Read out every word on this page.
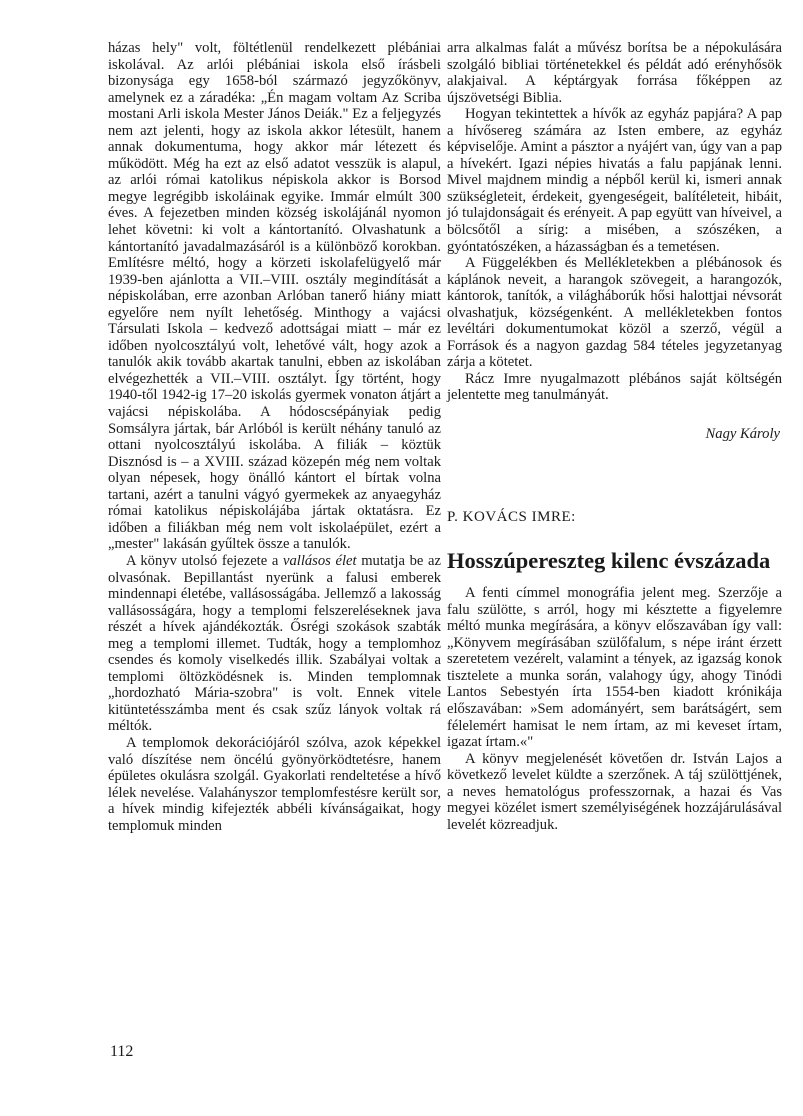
házas hely" volt, föltétlenül rendelkezett plébániai iskolával. Az arlói plébániai iskola első írásbeli bizonysága egy 1658-ból származó jegyzőkönyv, amelynek ez a záradéka: „Én magam voltam Az Scriba mostani Arli iskola Mester János Deiák." Ez a feljegyzés nem azt jelenti, hogy az iskola akkor létesült, hanem annak dokumentuma, hogy akkor már létezett és működött. Még ha ezt az első adatot vesszük is alapul, az arlói római katolikus népiskola akkor is Borsod megye legrégibb iskoláinak egyike. Immár elmúlt 300 éves. A fejezetben minden község iskolájánál nyomon lehet követni: ki volt a kántortanító. Olvashatunk a kántortanító javadalmazásáról is a különböző korokban. Említésre méltó, hogy a körzeti iskolafelügyelő már 1939-ben ajánlotta a VII.–VIII. osztály megindítását a népiskolában, erre azonban Arlóban tanerő hiány miatt egyelőre nem nyílt lehetőség. Minthogy a vajácsi Társulati Iskola – kedvező adottságai miatt – már ez időben nyolcosztályú volt, lehetővé vált, hogy azok a tanulók akik tovább akartak tanulni, ebben az iskolában elvégezhették a VII.–VIII. osztályt. Így történt, hogy 1940-től 1942-ig 17–20 iskolás gyermek vonaton átjárt a vajácsi népiskolába. A hódoscsépányiak pedig Somsályra jártak, bár Arlóból is került néhány tanuló az ottani nyolcosztályú iskolába. A filiák – köztük Disznósd is – a XVIII. század közepén még nem voltak olyan népesek, hogy önálló kántort el bírtak volna tartani, azért a tanulni vágyó gyermekek az anyaegyház római katolikus népiskolájába jártak oktatásra. Ez időben a filiákban még nem volt iskolaépület, ezért a „mester" lakásán gyűltek össze a tanulók.

A könyv utolsó fejezete a vallásos élet mutatja be az olvasónak. Bepillantást nyerünk a falusi emberek mindennapi életébe, vallásosságába. Jellemző a lakosság vallásosságára, hogy a templomi felszereléseknek java részét a hívek ajándékozták. Ősrégi szokások szabták meg a templomi illemet. Tudták, hogy a templomhoz csendes és komoly viselkedés illik. Szabályai voltak a templomi öltözködésnek is. Minden templomnak „hordozható Mária-szobra" is volt. Ennek vitele kitüntetésszámba ment és csak szűz lányok voltak rá méltók.

A templomok dekorációjáról szólva, azok képekkel való díszítése nem öncélú gyönyörködtetésre, hanem épületes okulásra szolgál. Gyakorlati rendeltetése a hívő lélek nevelése. Valahányszor templomfestésre került sor, a hívek mindig kifejezték abbéli kívánságaikat, hogy templomuk minden

arra alkalmas falát a művész borítsa be a népokulására szolgáló bibliai történetekkel és példát adó erényhősök alakjaival. A képtárgyak forrása főképpen az újszövetségi Biblia.

Hogyan tekintettek a hívők az egyház papjára? A pap a hívősereg számára az Isten embere, az egyház képviselője. Amint a pásztor a nyájért van, úgy van a pap a hívekért. Igazi népies hivatás a falu papjának lenni. Mivel majdnem mindig a népből kerül ki, ismeri annak szükségleteit, érdekeit, gyengeségeit, balítéleteit, hibáit, jó tulajdonságait és erényeit. A pap együtt van híveivel, a bölcsőtől a sírig: a misében, a szószéken, a gyóntatószéken, a házasságban és a temetésen.

A Függelékben és Mellékletekben a plébánosok és káplánok neveit, a harangok szövegeit, a harangozók, kántorok, tanítók, a világháborúk hősi halottjai névsorát olvashatjuk, községenként. A mellékletekben fontos levéltári dokumentumokat közöl a szerző, végül a Források és a nagyon gazdag 584 tételes jegyzetanyag zárja a kötetet.

Rácz Imre nyugalmazott plébános saját költségén jelentette meg tanulmányát.

Nagy Károly

P. KOVÁCS IMRE:

Hosszúpereszteg kilenc évszázada

A fenti címmel monográfia jelent meg. Szerzője a falu szülötte, s arról, hogy mi késztette a figyelemre méltó munka megírására, a könyv előszavában így vall: „Könyvem megírásában szülőfalum, s népe iránt érzett szeretetem vezérelt, valamint a tények, az igazság konok tisztelete a munka során, valahogy úgy, ahogy Tinódi Lantos Sebestyén írta 1554-ben kiadott krónikája előszavában: »Sem adományért, sem barátságért, sem félelemért hamisat le nem írtam, az mi keveset írtam, igazat írtam.«"

A könyv megjelenését követően dr. István Lajos a következő levelet küldte a szerzőnek. A táj szülöttjének, a neves hematológus professzornak, a hazai és Vas megyei közélet ismert személyiségének hozzájárulásával levelét közreadjuk.

112
